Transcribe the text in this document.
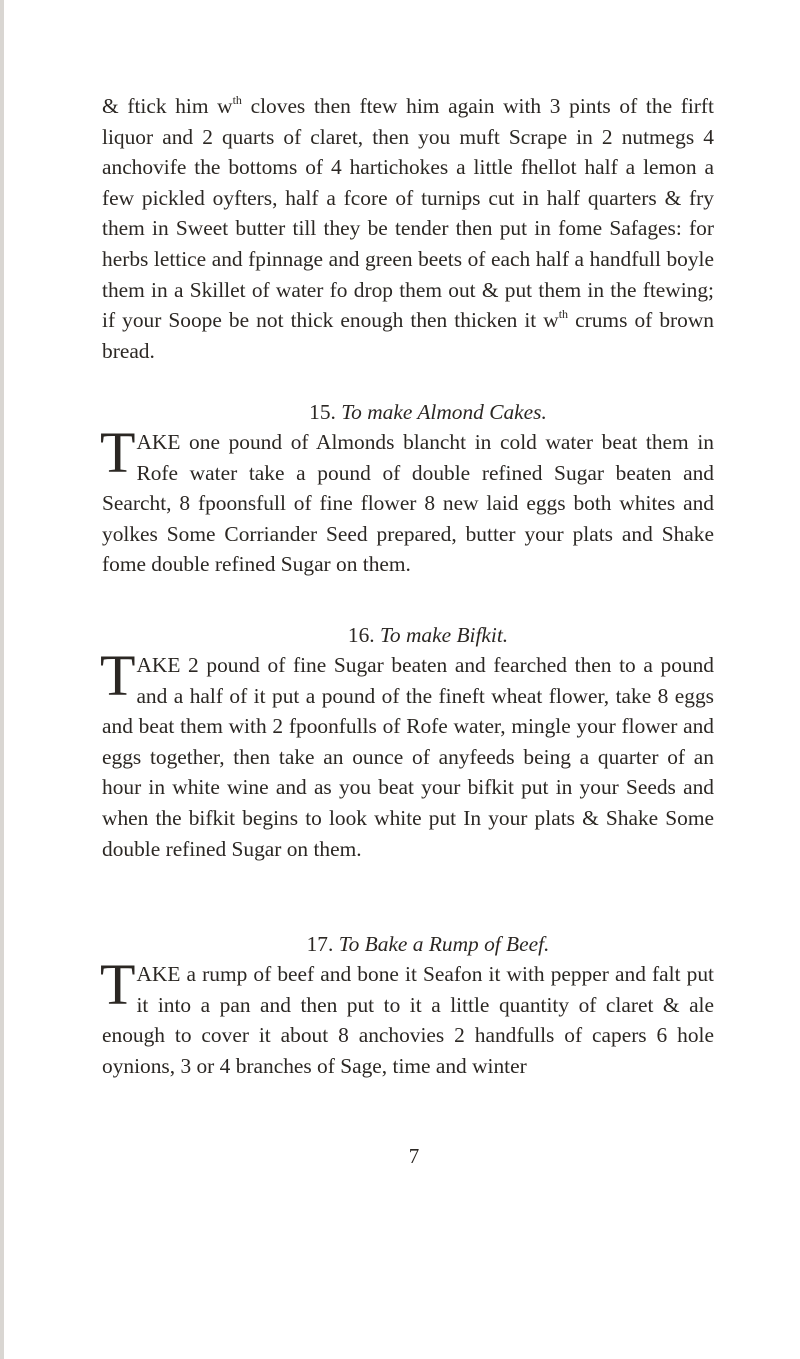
& ftick him $w^{th}$ cloves then ftew him again with 3 pints of the firft liquor and 2 quarts of claret, then you muft Scrape in 2 nutmegs 4 anchovife the bottoms of 4 hartichokes a little fhellot half a lemon a few pickled oyfters, half a fcore of turnips cut in half quarters & fry them in Sweet butter till they be tender then put in fome Safages: for herbs lettice and fpinnage and green beets of each half a handfull boyle them in a Skillet of water fo drop them out & put them in the ftewing; if your Soope be not thick enough then thicken it $w^{th}$ crums of brown bread.

15. To make Almond Cakes.

TAKE one pound of Almonds blancht in cold water beat them in Rofe water take a pound of double refined Sugar beaten and Searcht, 8 fpoonsfull of fine flower 8 new laid eggs both whites and yolkes Some Corriander Seed prepared, butter your plats and Shake fome double refined Sugar on them.

16. To make Bifkit.

TAKE 2 pound of fine Sugar beaten and fearched then to a pound and a half of it put a pound of the fineft wheat flower, take 8 eggs and beat them with 2 fpoonfulls of Rofe water, mingle your flower and eggs together, then take an ounce of anyfeeds being a quarter of an hour in white wine and as you beat your bifkit put in your Seeds and when the bifkit begins to look white put In your plats & Shake Some double refined Sugar on them.

17. To Bake a Rump of Beef.

TAKE a rump of beef and bone it Seafon it with pepper and falt put it into a pan and then put to it a little quantity of claret & ale enough to cover it about 8 anchovies 2 handfulls of capers 6 hole oynions, 3 or 4 branches of Sage, time and winter

7
